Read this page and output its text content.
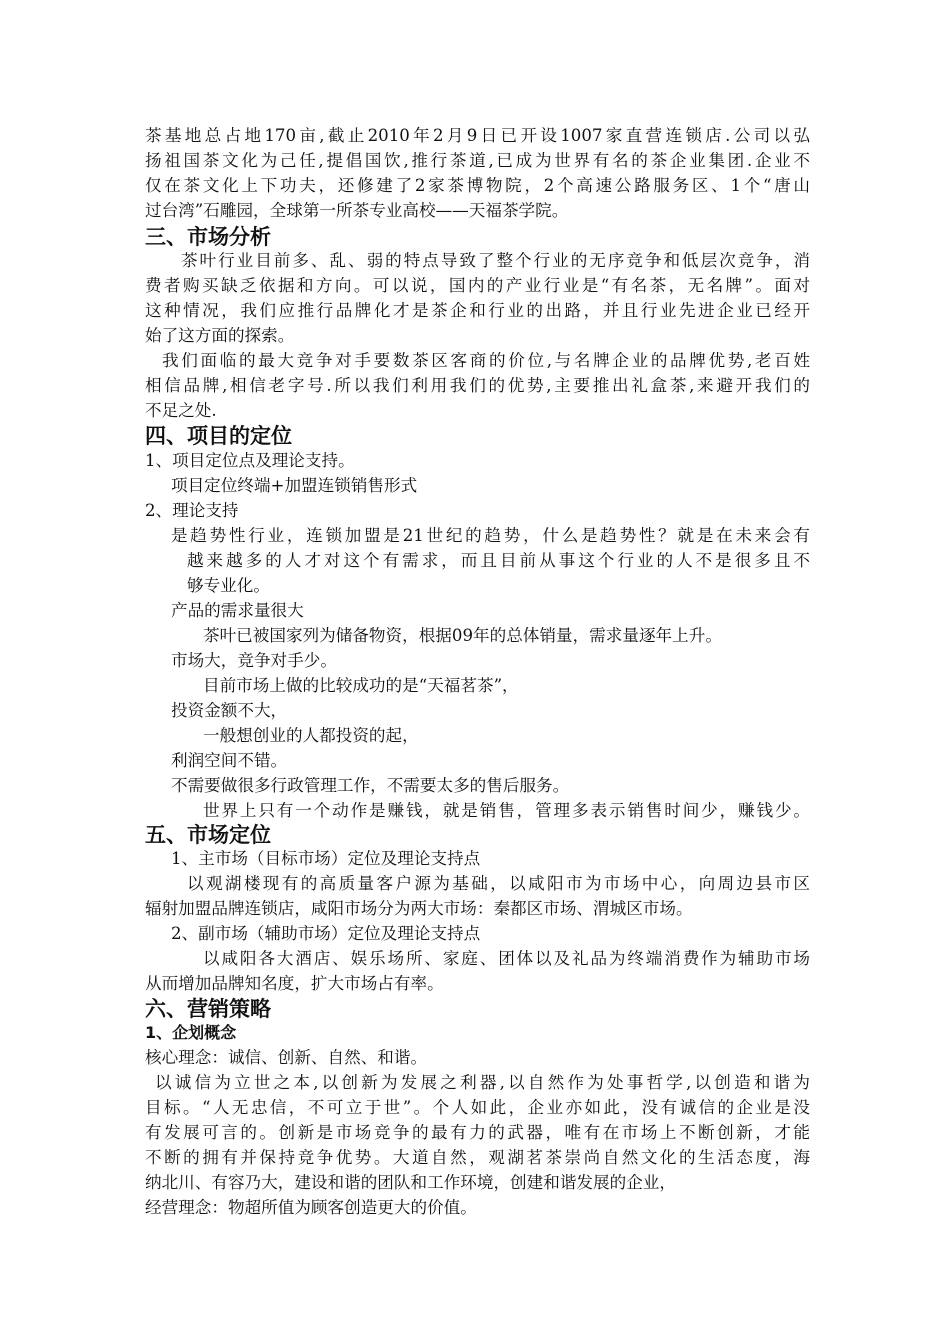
茶基地总占地170亩,截止2010年2月9日已开设1007家直营连锁店.公司以弘
扬祖国茶文化为己任,提倡国饮,推行茶道,已成为世界有名的茶企业集团.企业不
仅在茶文化上下功夫，还修建了2家茶博物院，2个高速公路服务区、1个“唐山
过台湾”石雕园，全球第一所茶专业高校——天福茶学院。
三、市场分析
茶叶行业目前多、乱、弱的特点导致了整个行业的无序竞争和低层次竞争，消
费者购买缺乏依据和方向。可以说，国内的产业行业是“有名茶，无名牌”。面对
这种情况，我们应推行品牌化才是茶企和行业的出路，并且行业先进企业已经开
始了这方面的探索。
我们面临的最大竞争对手要数茶区客商的价位,与名牌企业的品牌优势,老百姓
相信品牌,相信老字号.所以我们利用我们的优势,主要推出礼盒茶,来避开我们的
不足之处.
四、项目的定位
1、项目定位点及理论支持。
项目定位终端+加盟连锁销售形式
2、理论支持
是趋势性行业，连锁加盟是21世纪的趋势，什么是趋势性？就是在未来会有
越来越多的人才对这个有需求，而且目前从事这个行业的人不是很多且不
够专业化。
产品的需求量很大
茶叶已被国家列为储备物资，根据09年的总体销量，需求量逐年上升。
市场大，竞争对手少。
目前市场上做的比较成功的是“天福茗茶”，
投资金额不大，
一般想创业的人都投资的起，
利润空间不错。
不需要做很多行政管理工作，不需要太多的售后服务。
世界上只有一个动作是赚钱，就是销售，管理多表示销售时间少，赚钱少。
五、市场定位
1、主市场（目标市场）定位及理论支持点
以观湖楼现有的高质量客户源为基础，以咸阳市为市场中心，向周边县市区
辐射加盟品牌连锁店，咸阳市场分为两大市场：秦都区市场、渭城区市场。
2、副市场（辅助市场）定位及理论支持点
以咸阳各大酒店、娱乐场所、家庭、团体以及礼品为终端消费作为辅助市场
从而增加品牌知名度，扩大市场占有率。
六、营销策略
1、企划概念
核心理念：诚信、创新、自然、和谐。
以诚信为立世之本,以创新为发展之利器,以自然作为处事哲学,以创造和谐为
目标。“人无忠信，不可立于世”。个人如此，企业亦如此，没有诚信的企业是没
有发展可言的。创新是市场竞争的最有力的武器，唯有在市场上不断创新，才能
不断的拥有并保持竞争优势。大道自然，观湖茗茶崇尚自然文化的生活态度，海
纳北川、有容乃大，建设和谐的团队和工作环境，创建和谐发展的企业，
经营理念：物超所值为顾客创造更大的价值。
